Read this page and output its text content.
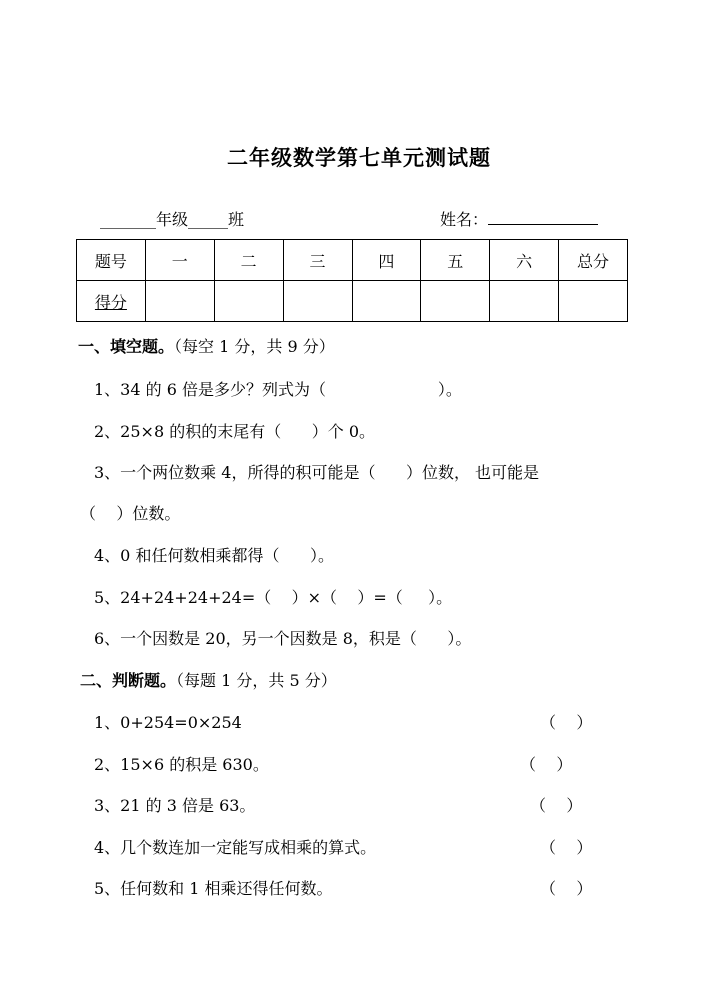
二年级数学第七单元测试题
_______年级_____班	姓名：
题号	一	二	三	四	五	六	总分
得分							
一、填空题。（每空 1 分，共 9 分）
1、34 的 6 倍是多少？列式为（                      ）。
2、25×8 的积的末尾有（      ）个 0。
3、一个两位数乘 4，所得的积可能是（      ）位数， 也可能是
（    ）位数。
4、0 和任何数相乘都得（      ）。
5、24+24+24+24=（    ）×（    ）=（     ）。
6、一个因数是 20，另一个因数是 8，积是（      ）。
二、判断题。（每题 1 分，共 5 分）
1、0+254=0×254	（    ）
2、15×6 的积是 630。	（    ）
3、21 的 3 倍是 63。	（    ）
4、几个数连加一定能写成相乘的算式。	（    ）
5、任何数和 1 相乘还得任何数。	（    ）
